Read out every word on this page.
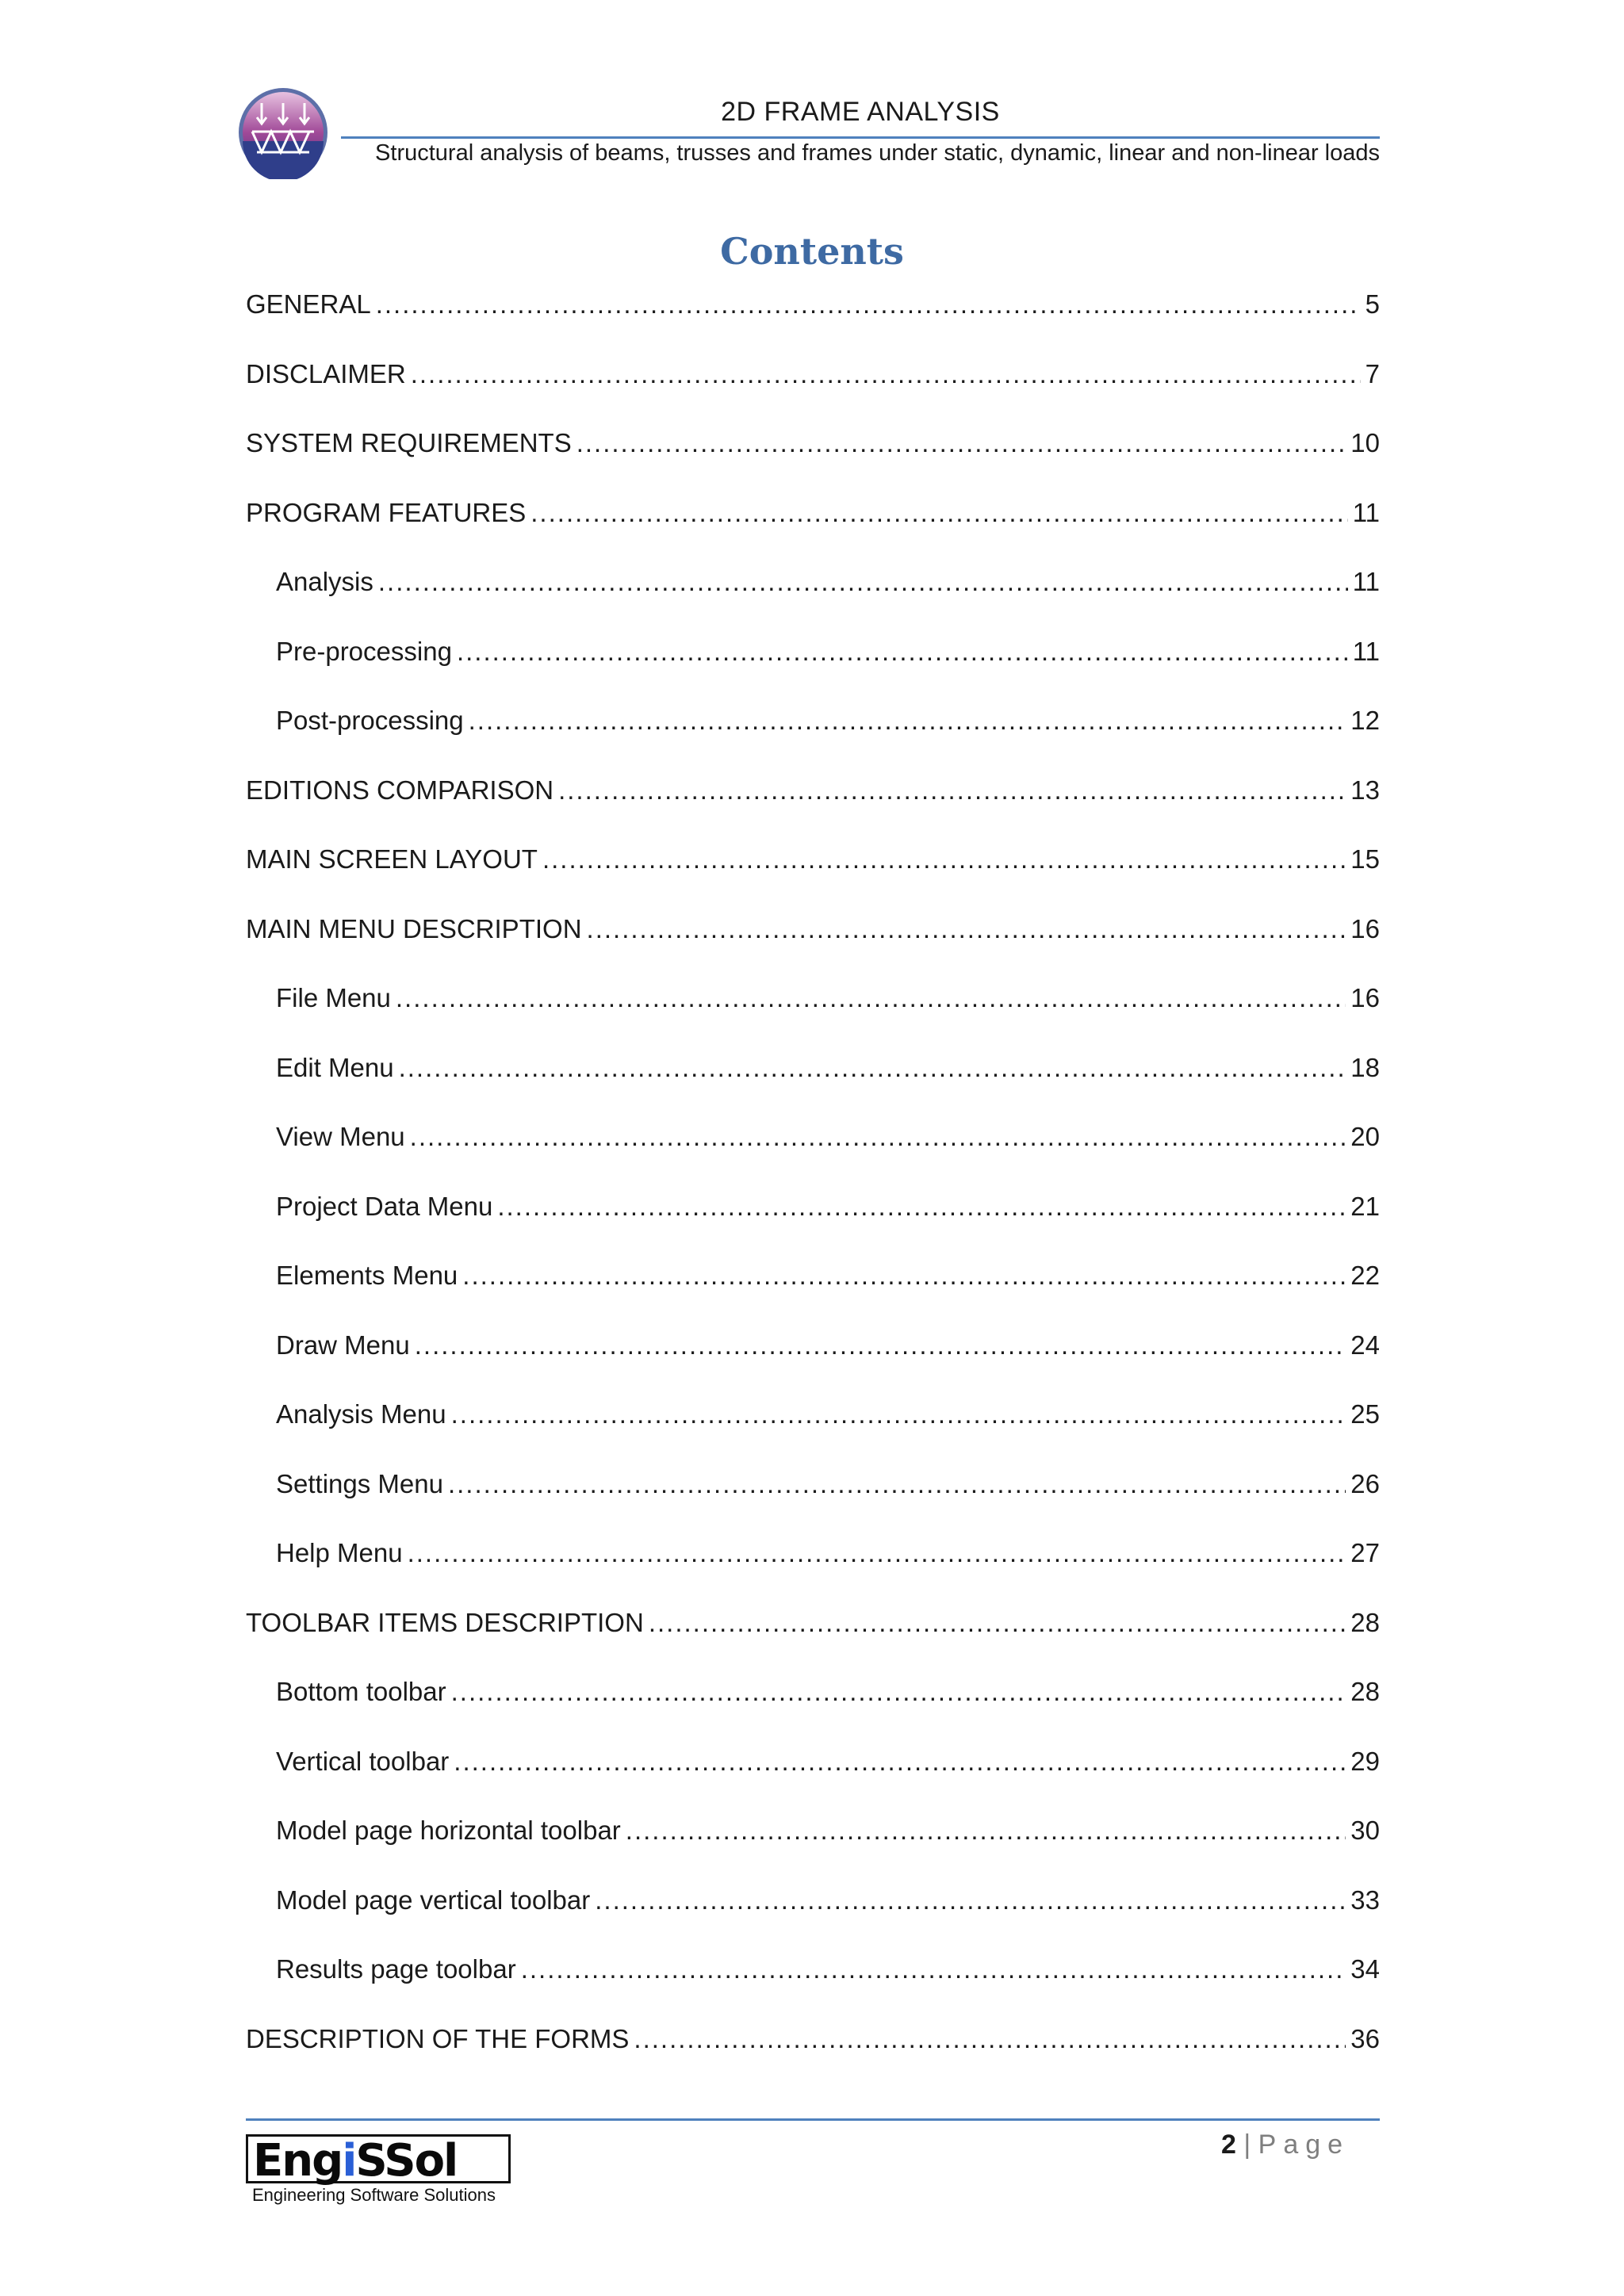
2D FRAME ANALYSIS
Structural analysis of beams, trusses and frames under static, dynamic, linear and non-linear loads
Contents
GENERAL .....	5
DISCLAIMER .....	7
SYSTEM REQUIREMENTS .....	10
PROGRAM FEATURES .....	11
Analysis .....	11
Pre-processing .....	11
Post-processing .....	12
EDITIONS COMPARISON .....	13
MAIN SCREEN LAYOUT .....	15
MAIN MENU DESCRIPTION .....	16
File Menu .....	16
Edit Menu .....	18
View Menu .....	20
Project Data Menu .....	21
Elements Menu .....	22
Draw Menu .....	24
Analysis Menu .....	25
Settings Menu .....	26
Help Menu .....	27
TOOLBAR ITEMS DESCRIPTION .....	28
Bottom toolbar .....	28
Vertical toolbar .....	29
Model page horizontal toolbar .....	30
Model page vertical toolbar .....	33
Results page toolbar .....	34
DESCRIPTION OF THE FORMS .....	36
EngiSSol
Engineering Software Solutions
2 | Page
